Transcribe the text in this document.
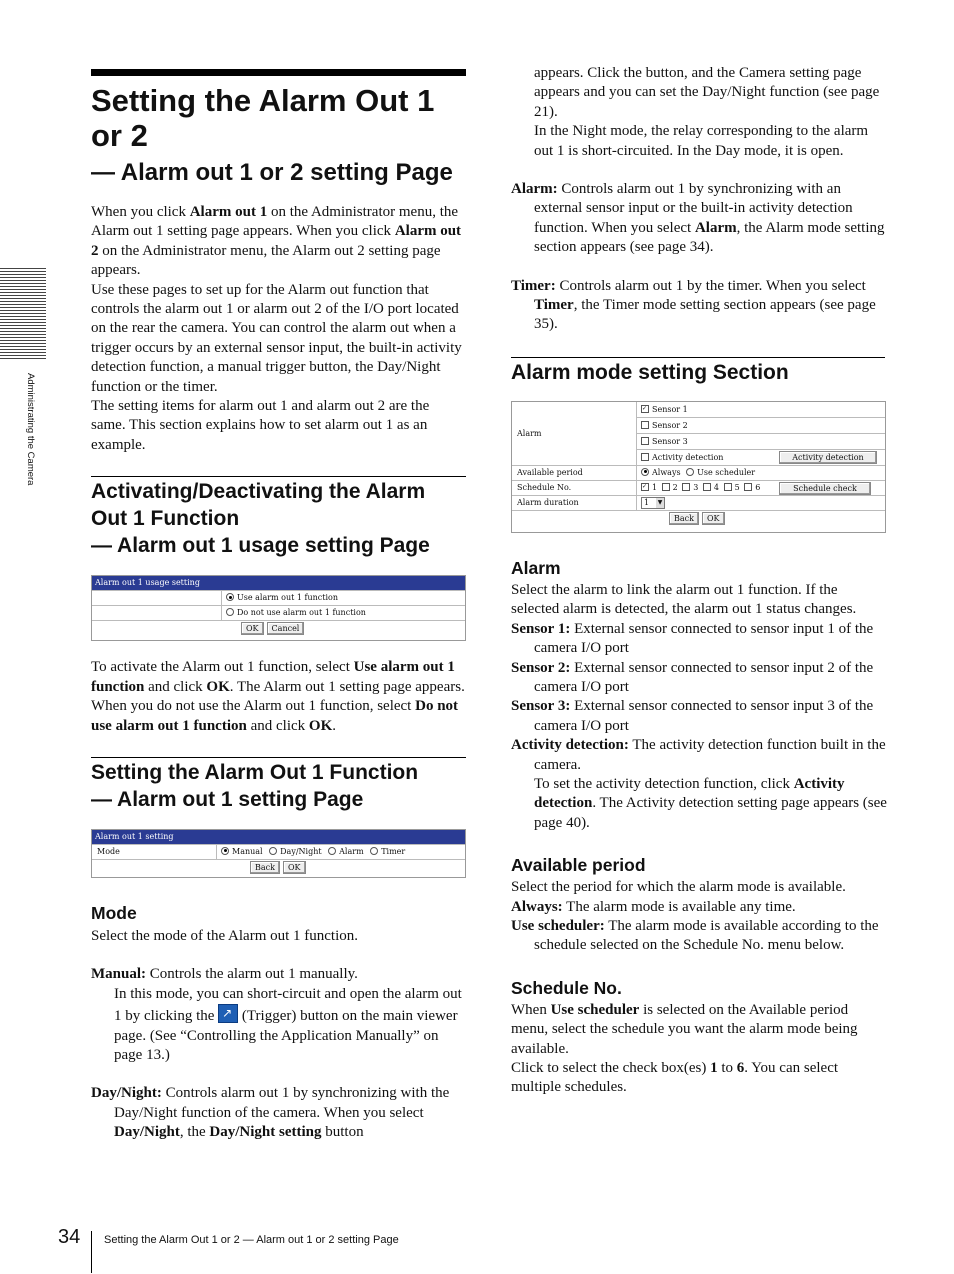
Administrating the Camera
Setting the Alarm Out 1 or 2
— Alarm out 1 or 2 setting Page

When you click Alarm out 1 on the Administrator menu, the Alarm out 1 setting page appears. When you click Alarm out 2 on the Administrator menu, the Alarm out 2 setting page appears.

Use these pages to set up for the Alarm out function that controls the alarm out 1 or alarm out 2 of the I/O port located on the rear the camera. You can control the alarm out when a trigger occurs by an external sensor input, the built-in activity detection function, a manual trigger button, the Day/Night function or the timer.

The setting items for alarm out 1 and alarm out 2 are the same. This section explains how to set alarm out 1 as an example.

Activating/Deactivating the Alarm Out 1 Function
— Alarm out 1 usage setting Page
Alarm out 1 usage setting
Use alarm out 1 function
Do not use alarm out 1 function
OK	Cancel

To activate the Alarm out 1 function, select Use alarm out 1 function and click OK. The Alarm out 1 setting page appears.

When you do not use the Alarm out 1 function, select Do not use alarm out 1 function and click OK.

Setting the Alarm Out 1 Function
— Alarm out 1 setting Page
Alarm out 1 setting
Mode	Manual Day/Night Alarm Timer
Back	OK
Mode

Select the mode of the Alarm out 1 function.

Manual: Controls the alarm out 1 manually.

In this mode, you can short-circuit and open the alarm out 1 by clicking the ↗ (Trigger) button on the main viewer page. (See “Controlling the Application Manually” on page 13.)

Day/Night: Controls alarm out 1 by synchronizing with the Day/Night function of the camera. When you select Day/Night, the Day/Night setting button

appears. Click the button, and the Camera setting page appears and you can set the Day/Night function (see page 21).

In the Night mode, the relay corresponding to the alarm out 1 is short-circuited. In the Day mode, it is open.

Alarm: Controls alarm out 1 by synchronizing with an external sensor input or the built-in activity detection function. When you select Alarm, the Alarm mode setting section appears (see page 34).

Timer: Controls alarm out 1 by the timer. When you select Timer, the Timer mode setting section appears (see page 35).

Alarm mode setting Section
Alarm
✓Sensor 1
Sensor 2
Sensor 3
Activity detection	Activity detection
Available period	Always Use scheduler
Schedule No.
✓	1 2 3 4 5 6	Schedule check
Alarm duration	1 ▼
Back	OK
Alarm

Select the alarm to link the alarm out 1 function. If the selected alarm is detected, the alarm out 1 status changes.

Sensor 1: External sensor connected to sensor input 1 of the camera I/O port

Sensor 2: External sensor connected to sensor input 2 of the camera I/O port

Sensor 3: External sensor connected to sensor input 3 of the camera I/O port

Activity detection: The activity detection function built in the camera.

To set the activity detection function, click Activity detection. The Activity detection setting page appears (see page 40).

Available period

Select the period for which the alarm mode is available.

Always: The alarm mode is available any time.

Use scheduler: The alarm mode is available according to the schedule selected on the Schedule No. menu below.

Schedule No.

When Use scheduler is selected on the Available period menu, select the schedule you want the alarm mode being available.

Click to select the check box(es) 1 to 6. You can select multiple schedules.

34 Setting the Alarm Out 1 or 2 — Alarm out 1 or 2 setting Page
